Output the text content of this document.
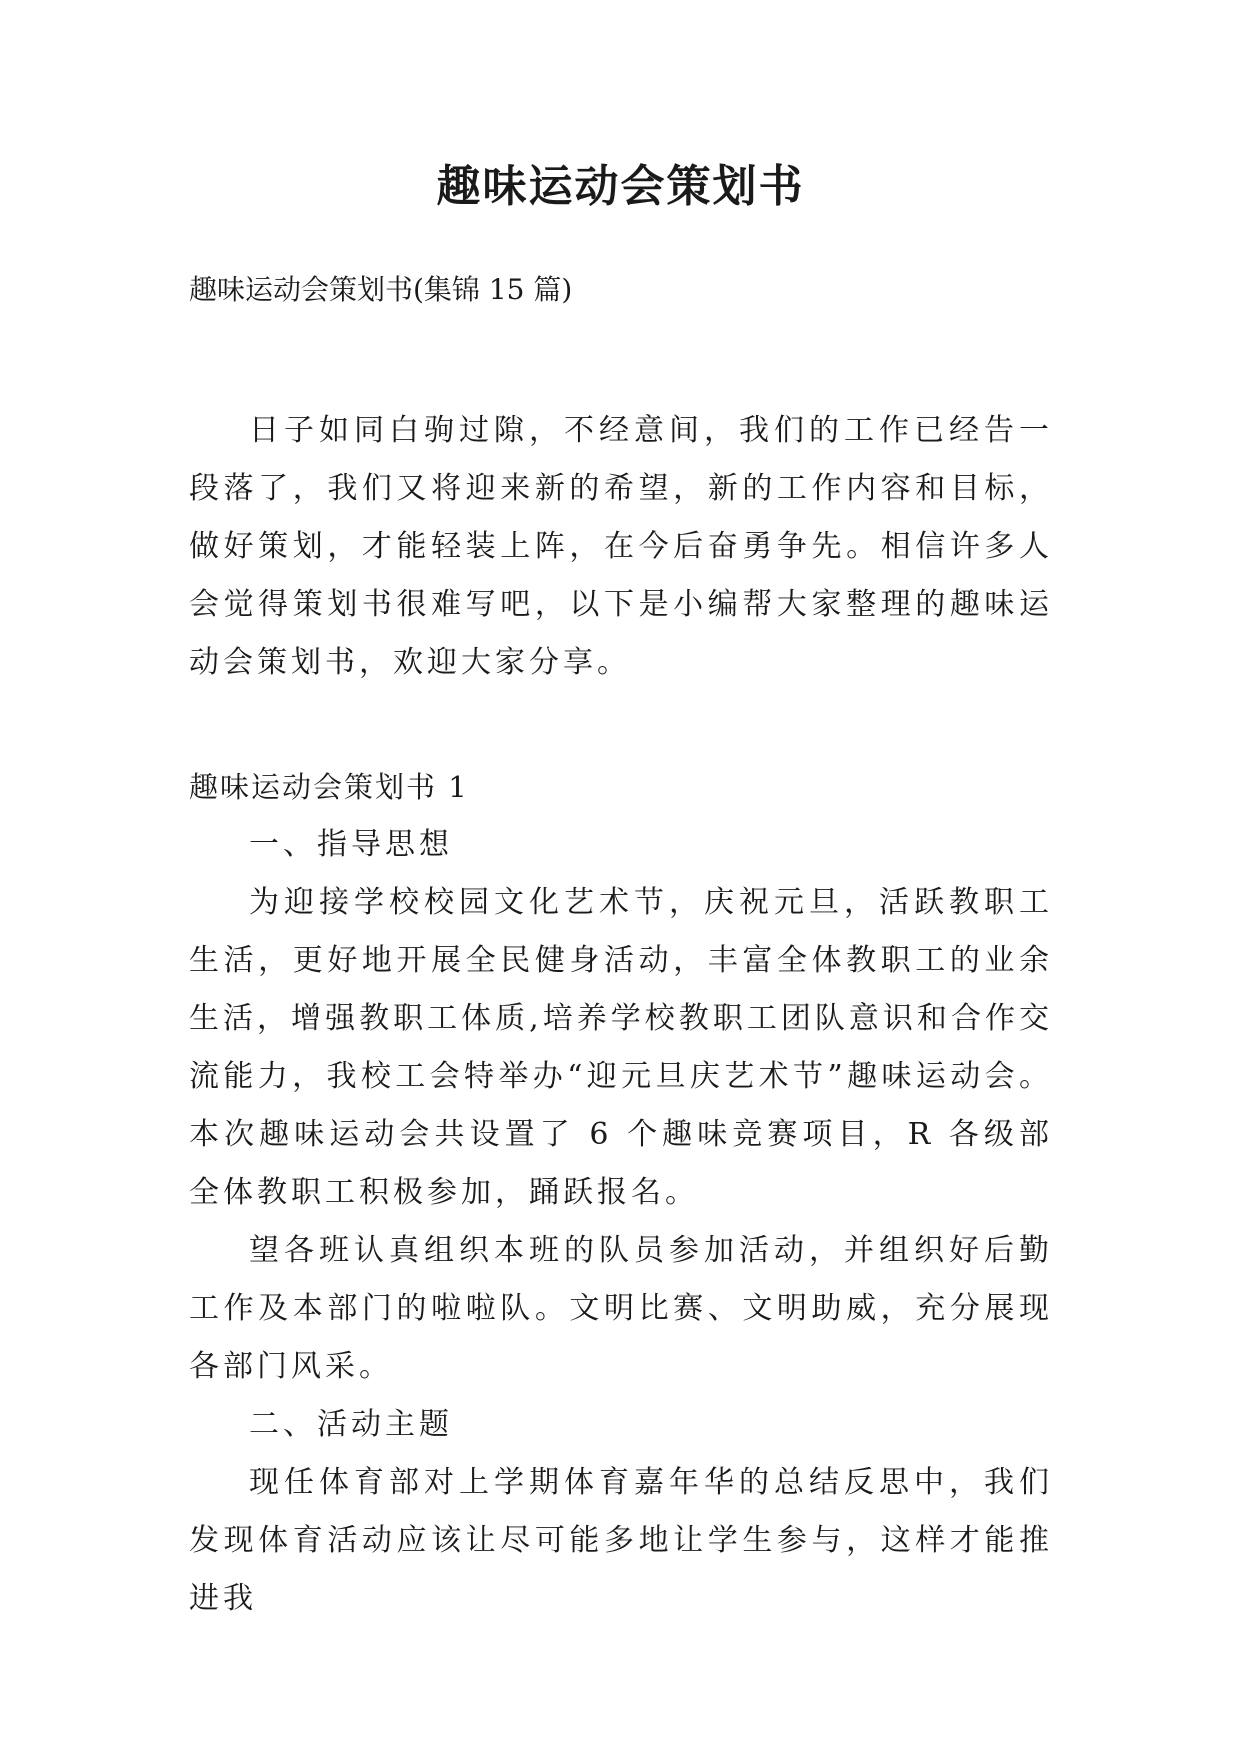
趣味运动会策划书

趣味运动会策划书(集锦 15 篇)

日子如同白驹过隙，不经意间，我们的工作已经告一段落了，我们又将迎来新的希望，新的工作内容和目标，做好策划，才能轻装上阵，在今后奋勇争先。相信许多人会觉得策划书很难写吧，以下是小编帮大家整理的趣味运动会策划书，欢迎大家分享。

趣味运动会策划书 1

一、指导思想

为迎接学校校园文化艺术节，庆祝元旦，活跃教职工生活，更好地开展全民健身活动，丰富全体教职工的业余生活，增强教职工体质,培养学校教职工团队意识和合作交流能力，我校工会特举办“迎元旦庆艺术节”趣味运动会。本次趣味运动会共设置了 6 个趣味竞赛项目，R 各级部全体教职工积极参加，踊跃报名。

望各班认真组织本班的队员参加活动，并组织好后勤工作及本部门的啦啦队。文明比赛、文明助威，充分展现各部门风采。

二、活动主题

现任体育部对上学期体育嘉年华的总结反思中，我们发现体育活动应该让尽可能多地让学生参与，这样才能推进我
